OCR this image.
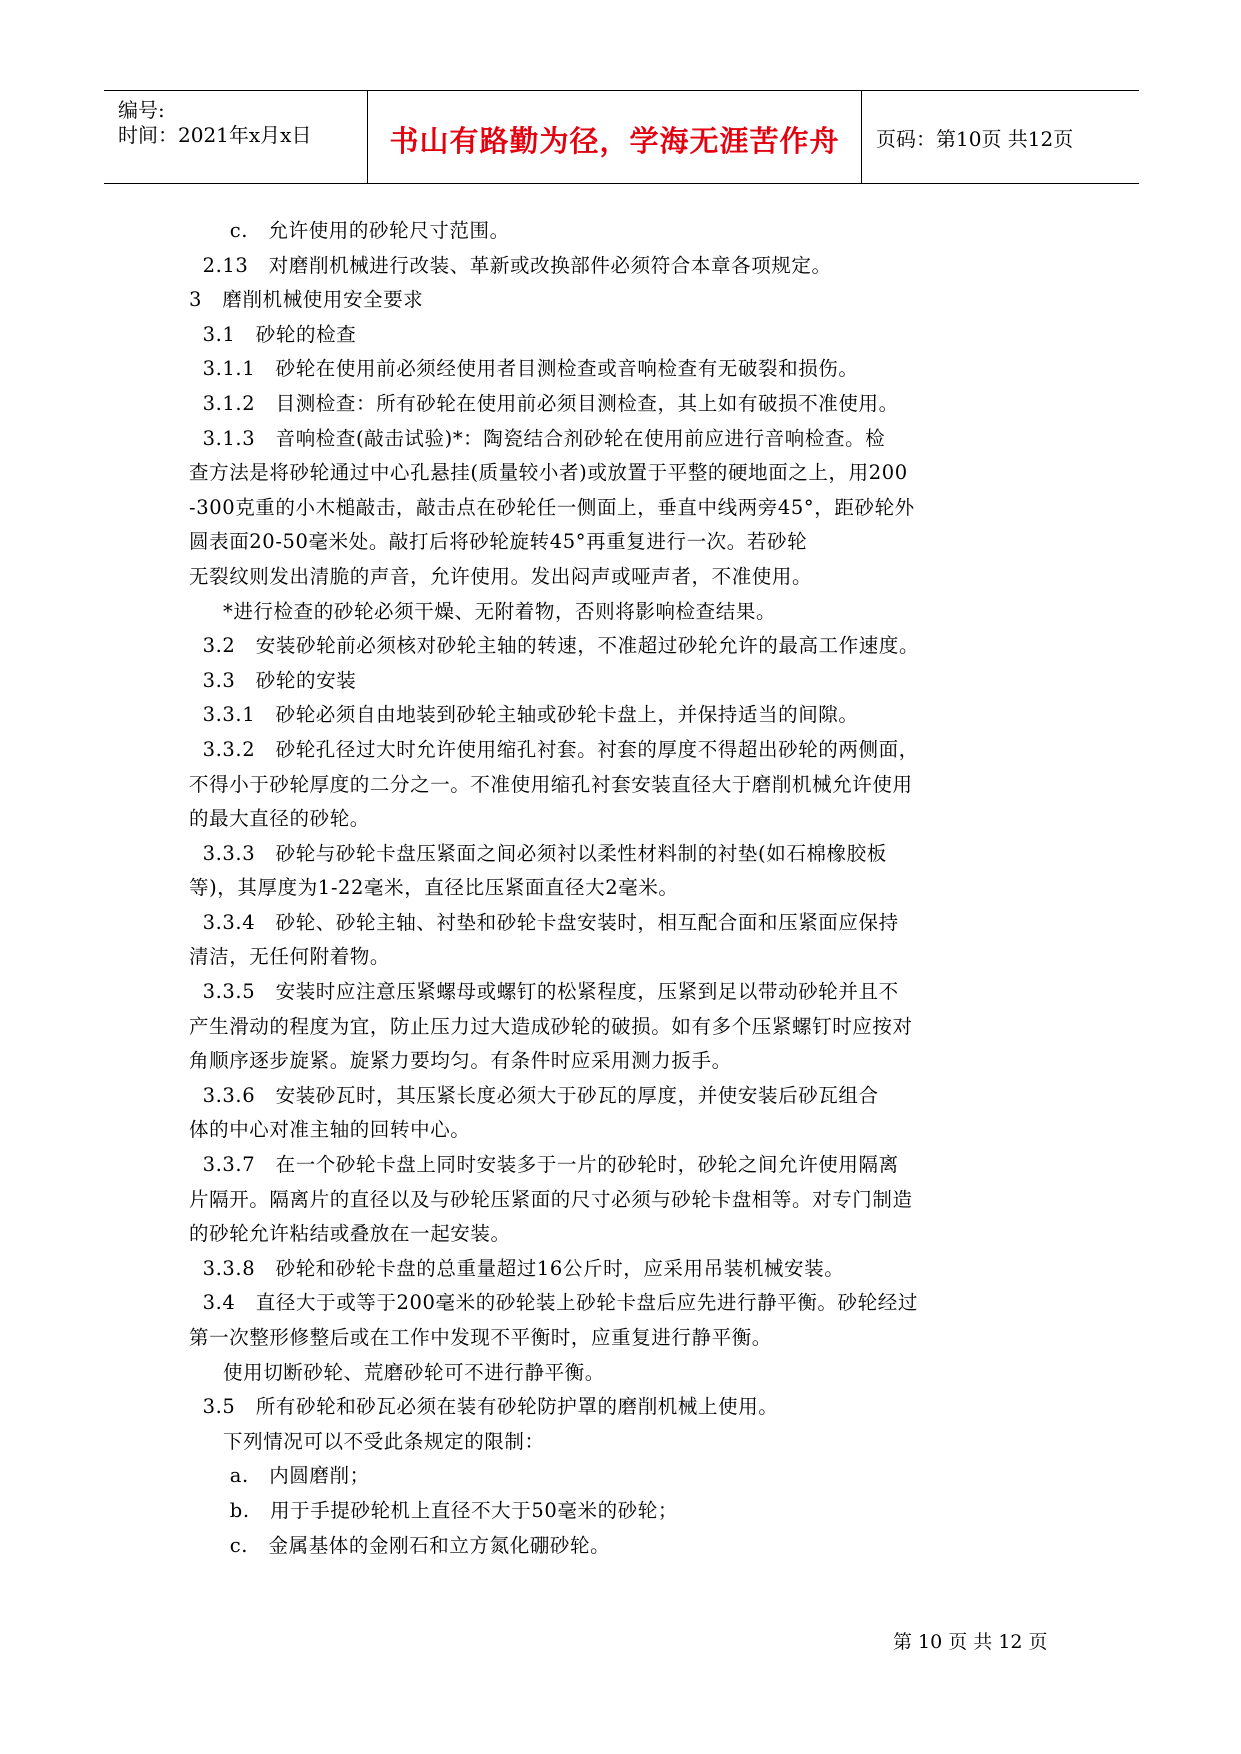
编号:
时间：2021年x月x日	书山有路勤为径，学海无涯苦作舟	页码：第10页 共12页
c.   允许使用的砂轮尺寸范围。
2.13   对磨削机械进行改装、革新或改换部件必须符合本章各项规定。
3   磨削机械使用安全要求
3.1   砂轮的检查
3.1.1   砂轮在使用前必须经使用者目测检查或音响检查有无破裂和损伤。
3.1.2   目测检查：所有砂轮在使用前必须目测检查，其上如有破损不准使用。
3.1.3   音响检查(敲击试验)*：陶瓷结合剂砂轮在使用前应进行音响检查。检
查方法是将砂轮通过中心孔悬挂(质量较小者)或放置于平整的硬地面之上，用200
-300克重的小木槌敲击，敲击点在砂轮任一侧面上，垂直中线两旁45°，距砂轮外
圆表面20-50毫米处。敲打后将砂轮旋转45°再重复进行一次。若砂轮
无裂纹则发出清脆的声音，允许使用。发出闷声或哑声者，不准使用。
*进行检查的砂轮必须干燥、无附着物，否则将影响检查结果。
3.2   安装砂轮前必须核对砂轮主轴的转速，不准超过砂轮允许的最高工作速度。
3.3   砂轮的安装
3.3.1   砂轮必须自由地装到砂轮主轴或砂轮卡盘上，并保持适当的间隙。
3.3.2   砂轮孔径过大时允许使用缩孔衬套。衬套的厚度不得超出砂轮的两侧面，
不得小于砂轮厚度的二分之一。不准使用缩孔衬套安装直径大于磨削机械允许使用
的最大直径的砂轮。
3.3.3   砂轮与砂轮卡盘压紧面之间必须衬以柔性材料制的衬垫(如石棉橡胶板
等)，其厚度为1-22毫米，直径比压紧面直径大2毫米。
3.3.4   砂轮、砂轮主轴、衬垫和砂轮卡盘安装时，相互配合面和压紧面应保持
清洁，无任何附着物。
3.3.5   安装时应注意压紧螺母或螺钉的松紧程度，压紧到足以带动砂轮并且不
产生滑动的程度为宜，防止压力过大造成砂轮的破损。如有多个压紧螺钉时应按对
角顺序逐步旋紧。旋紧力要均匀。有条件时应采用测力扳手。
3.3.6   安装砂瓦时，其压紧长度必须大于砂瓦的厚度，并使安装后砂瓦组合
体的中心对准主轴的回转中心。
3.3.7   在一个砂轮卡盘上同时安装多于一片的砂轮时，砂轮之间允许使用隔离
片隔开。隔离片的直径以及与砂轮压紧面的尺寸必须与砂轮卡盘相等。对专门制造
的砂轮允许粘结或叠放在一起安装。
3.3.8   砂轮和砂轮卡盘的总重量超过16公斤时，应采用吊装机械安装。
3.4   直径大于或等于200毫米的砂轮装上砂轮卡盘后应先进行静平衡。砂轮经过
第一次整形修整后或在工作中发现不平衡时，应重复进行静平衡。
使用切断砂轮、荒磨砂轮可不进行静平衡。
3.5   所有砂轮和砂瓦必须在装有砂轮防护罩的磨削机械上使用。
下列情况可以不受此条规定的限制：
a.   内圆磨削；
b.   用于手提砂轮机上直径不大于50毫米的砂轮；
c.   金属基体的金刚石和立方氮化硼砂轮。
第 10 页 共 12 页
